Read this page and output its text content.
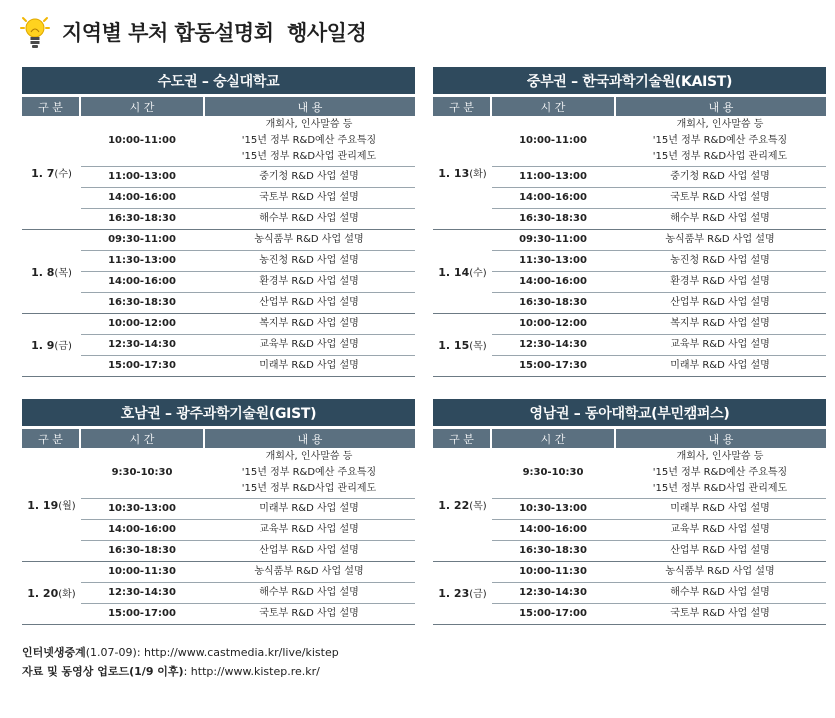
지역별 부처 합동설명회  행사일정
수도권 – 숭실대학교
구 분	시 간	내 용
1. 7(수)	10:00-11:00	개회사, 인사말씀 등
'15년 정부 R&D예산 주요특징
'15년 정부 R&D사업 관리제도

	11:00-13:00	중기청 R&D 사업 설명

	14:00-16:00	국토부 R&D 사업 설명

	16:30-18:30	해수부 R&D 사업 설명

1. 8(목)	09:30-11:00	농식품부 R&D 사업 설명

	11:30-13:00	농진청 R&D 사업 설명

	14:00-16:00	환경부 R&D 사업 설명

	16:30-18:30	산업부 R&D 사업 설명

1. 9(금)	10:00-12:00	복지부 R&D 사업 설명

	12:30-14:30	교육부 R&D 사업 설명

	15:00-17:30	미래부 R&D 사업 설명
중부권 – 한국과학기술원(KAIST)
구 분	시 간	내 용
1. 13(화)	10:00-11:00	개회사, 인사말씀 등
'15년 정부 R&D예산 주요특징
'15년 정부 R&D사업 관리제도

	11:00-13:00	중기청 R&D 사업 설명

	14:00-16:00	국토부 R&D 사업 설명

	16:30-18:30	해수부 R&D 사업 설명

1. 14(수)	09:30-11:00	농식품부 R&D 사업 설명

	11:30-13:00	농진청 R&D 사업 설명

	14:00-16:00	환경부 R&D 사업 설명

	16:30-18:30	산업부 R&D 사업 설명

1. 15(목)	10:00-12:00	복지부 R&D 사업 설명

	12:30-14:30	교육부 R&D 사업 설명

	15:00-17:30	미래부 R&D 사업 설명
호남권 – 광주과학기술원(GIST)
구 분	시 간	내 용
1. 19(월)	9:30-10:30	개회사, 인사말씀 등
'15년 정부 R&D예산 주요특징
'15년 정부 R&D사업 관리제도

	10:30-13:00	미래부 R&D 사업 설명

	14:00-16:00	교육부 R&D 사업 설명

	16:30-18:30	산업부 R&D 사업 설명

1. 20(화)	10:00-11:30	농식품부 R&D 사업 설명

	12:30-14:30	해수부 R&D 사업 설명

	15:00-17:00	국토부 R&D 사업 설명
영남권 – 동아대학교(부민캠퍼스)
구 분	시 간	내 용
1. 22(목)	9:30-10:30	개회사, 인사말씀 등
'15년 정부 R&D예산 주요특징
'15년 정부 R&D사업 관리제도

	10:30-13:00	미래부 R&D 사업 설명

	14:00-16:00	교육부 R&D 사업 설명

	16:30-18:30	산업부 R&D 사업 설명

1. 23(금)	10:00-11:30	농식품부 R&D 사업 설명

	12:30-14:30	해수부 R&D 사업 설명

	15:00-17:00	국토부 R&D 사업 설명
인터넷생중계(1.07-09): http://www.castmedia.kr/live/kistep
자료 및 동영상 업로드(1/9 이후): http://www.kistep.re.kr/
